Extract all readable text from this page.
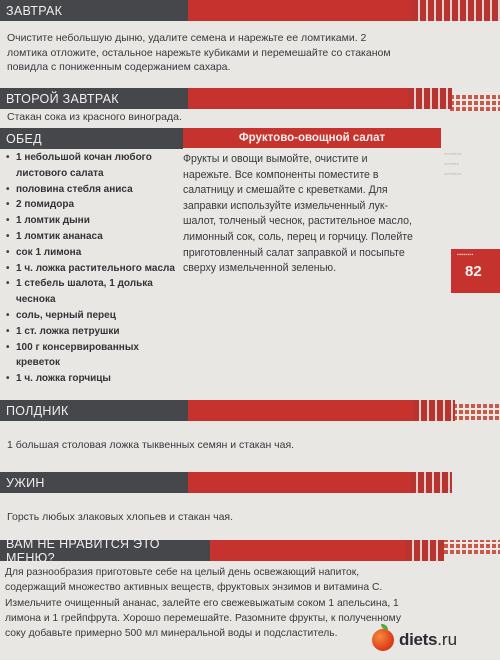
ЗАВТРАК
Очистите небольшую дыню, удалите семена и нарежьте ее ломтиками. 2
ломтика отложите, остальное нарежьте кубиками и перемешайте со стаканом
повидла с пониженным содержанием сахара.
ВТОРОЙ ЗАВТРАК
Стакан сока из красного винограда.
ОБЕД	Фруктово-овощной салат
▪▪▪▪▪▪▪
▪▪▪▪▪▪
▪▪▪▪▪▪▪
• 1 небольшой кочан любого
листового салата
• половина стебля аниса
• 2 помидора
• 1 ломтик дыни
• 1 ломтик ананаса
• сок 1 лимона
• 1 ч. ложка растительного масла
• 1 стебель шалота, 1 долька
чеснока
• соль, черный перец
• 1 ст. ложка петрушки
• 100 г консервированных
креветок
• 1 ч. ложка горчицы
Фрукты и овощи вымойте, очистите и
нарежьте. Все компоненты поместите в
салатницу и смешайте с креветками. Для
заправки используйте измельченный лук-
шалот, толченый чеснок, растительное масло,
лимонный сок, соль, перец и горчицу. Полейте
приготовленный салат заправкой и посыпьте
сверху измельченной зеленью.
▪▪▪▪▪▪▪▪
82
ПОЛДНИК
1 большая столовая ложка тыквенных семян и стакан чая.
УЖИН
Горсть любых злаковых хлопьев и стакан чая.
ВАМ НЕ НРАВИТСЯ ЭТО МЕНЮ?
Для разнообразия приготовьте себе на целый день освежающий напиток,
содержащий множество активных веществ, фруктовых энзимов и витамина С.
Измельчите очищенный ананас, залейте его свежевыжатым соком 1 апельсина, 1
лимона и 1 грейпфрута. Хорошо перемешайте. Разомните фрукты, к полученному
соку добавьте примерно 500 мл минеральной воды и подсластитель.	diets .ru
